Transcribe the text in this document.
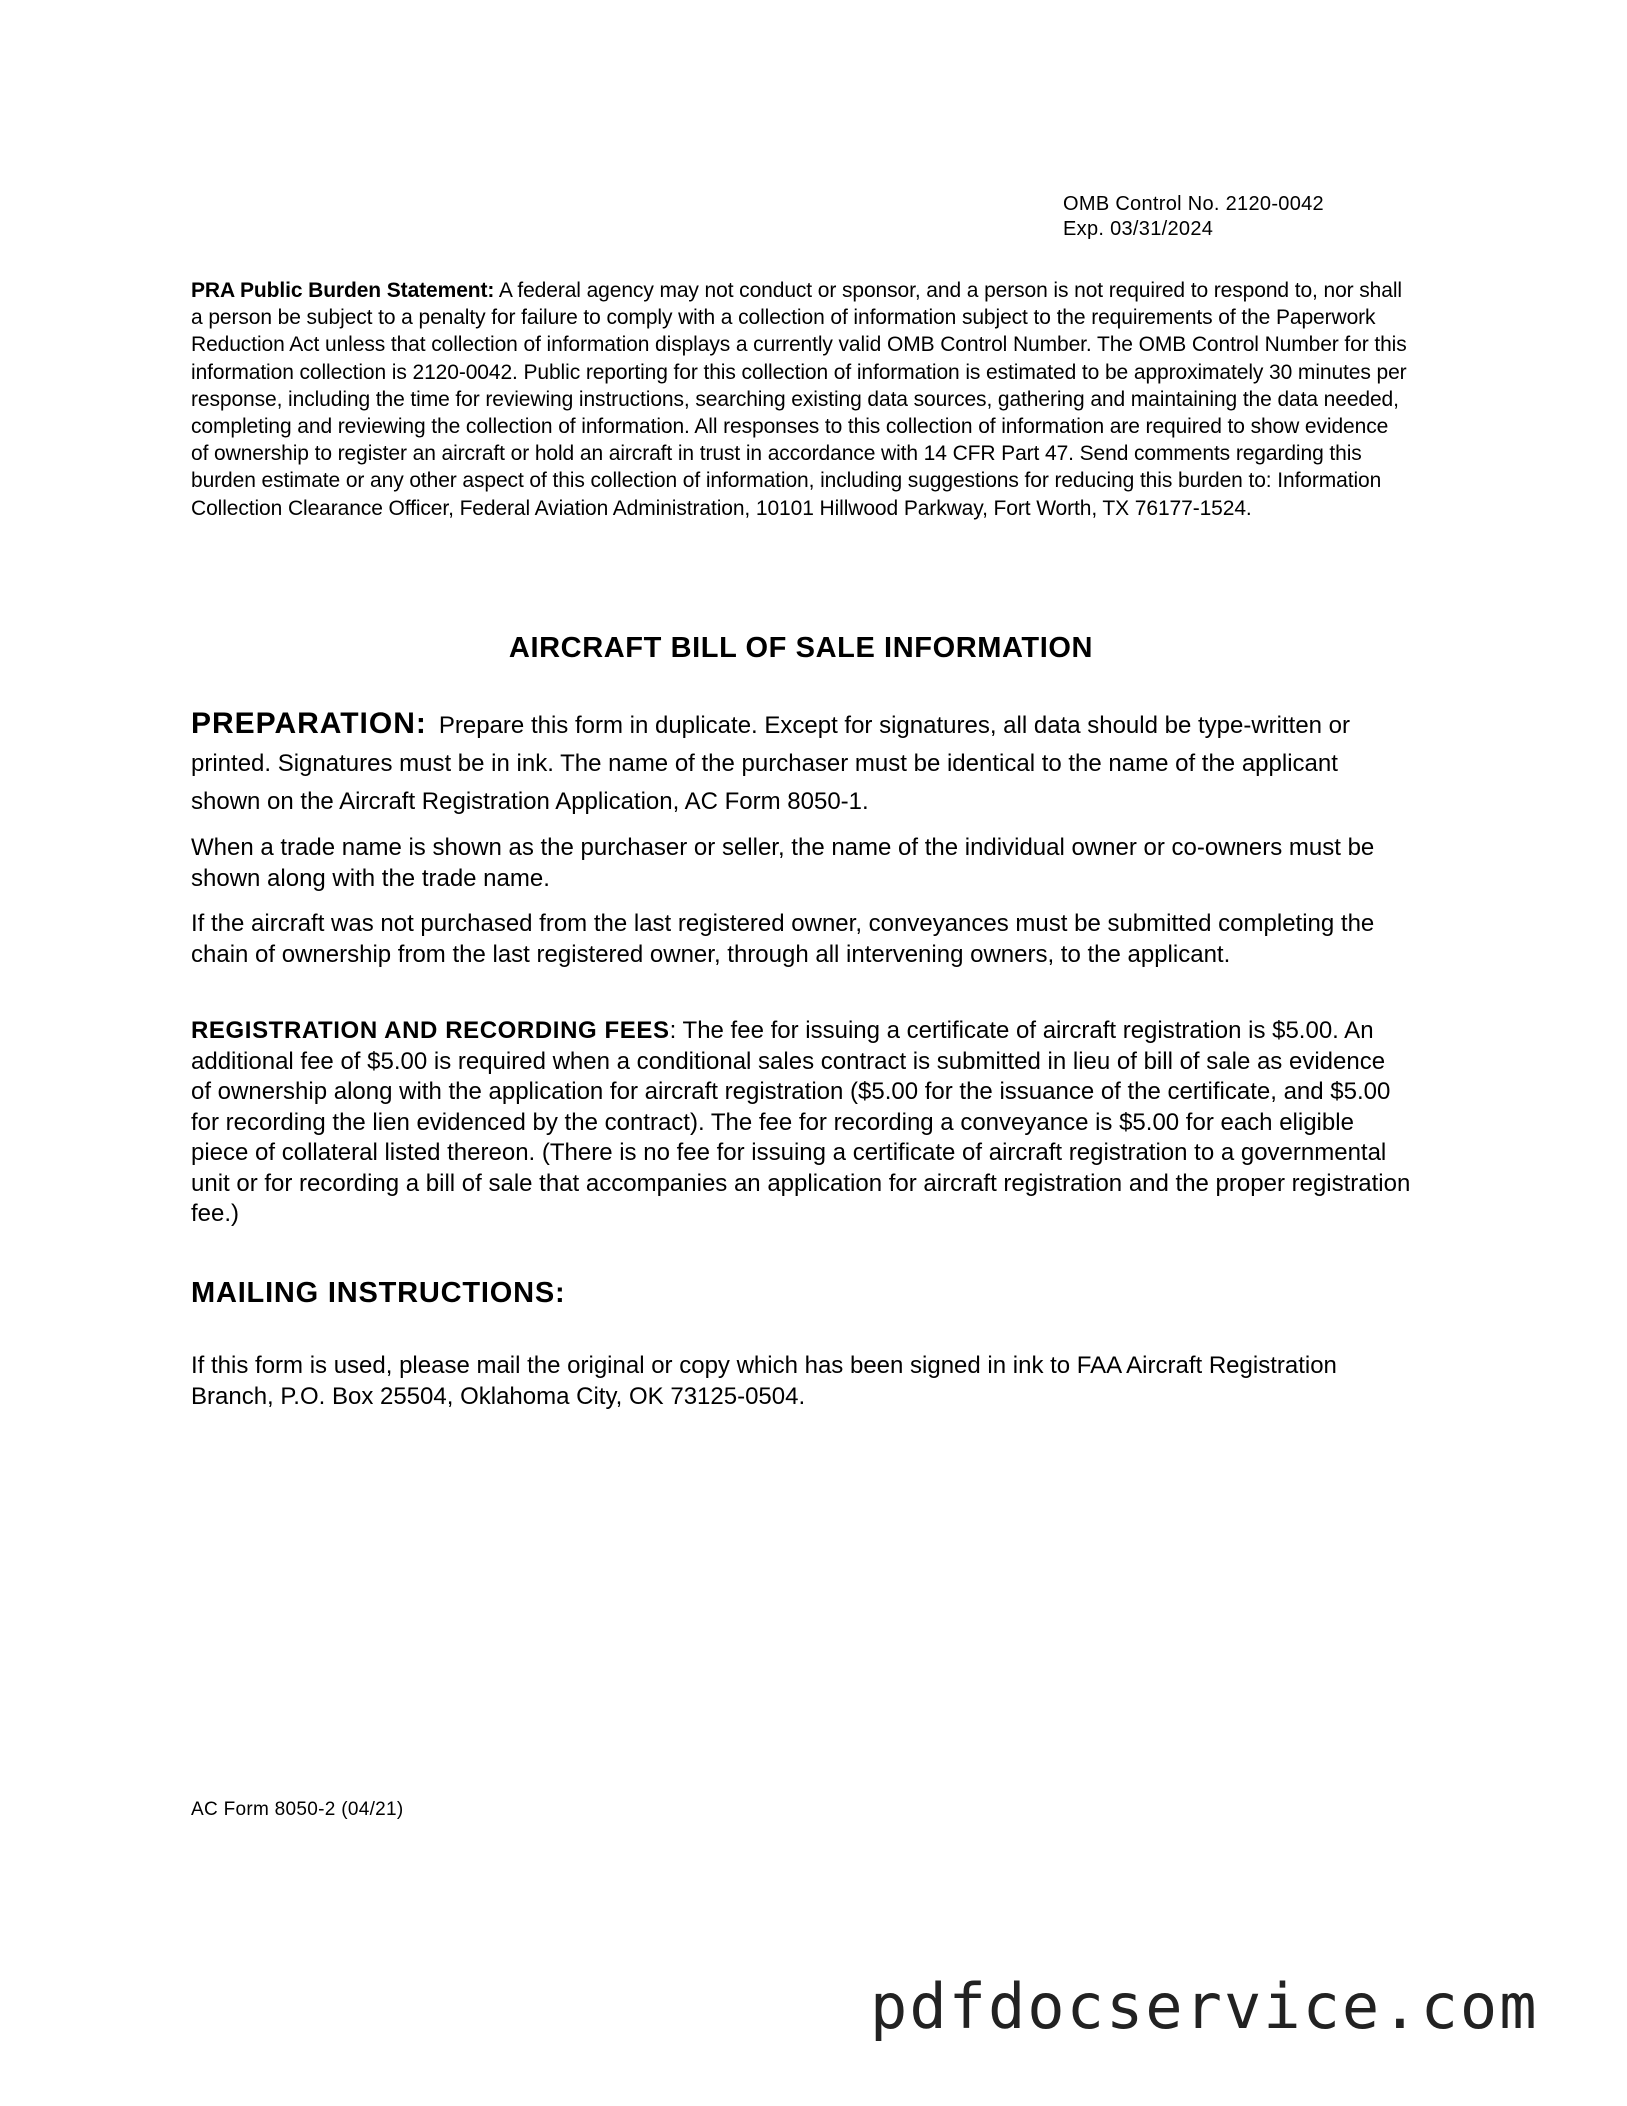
OMB Control No. 2120-0042
Exp. 03/31/2024
PRA Public Burden Statement: A federal agency may not conduct or sponsor, and a person is not required to respond to, nor shall a person be subject to a penalty for failure to comply with a collection of information subject to the requirements of the Paperwork Reduction Act unless that collection of information displays a currently valid OMB Control Number. The OMB Control Number for this information collection is 2120-0042. Public reporting for this collection of information is estimated to be approximately 30 minutes per response, including the time for reviewing instructions, searching existing data sources, gathering and maintaining the data needed, completing and reviewing the collection of information. All responses to this collection of information are required to show evidence of ownership to register an aircraft or hold an aircraft in trust in accordance with 14 CFR Part 47. Send comments regarding this burden estimate or any other aspect of this collection of information, including suggestions for reducing this burden to: Information Collection Clearance Officer, Federal Aviation Administration, 10101 Hillwood Parkway, Fort Worth, TX 76177-1524.
AIRCRAFT BILL OF SALE INFORMATION
PREPARATION: Prepare this form in duplicate. Except for signatures, all data should be type-written or printed. Signatures must be in ink. The name of the purchaser must be identical to the name of the applicant shown on the Aircraft Registration Application, AC Form 8050-1.
When a trade name is shown as the purchaser or seller, the name of the individual owner or co-owners must be shown along with the trade name.
If the aircraft was not purchased from the last registered owner, conveyances must be submitted completing the chain of ownership from the last registered owner, through all intervening owners, to the applicant.
REGISTRATION AND RECORDING FEES: The fee for issuing a certificate of aircraft registration is $5.00. An additional fee of $5.00 is required when a conditional sales contract is submitted in lieu of bill of sale as evidence of ownership along with the application for aircraft registration ($5.00 for the issuance of the certificate, and $5.00 for recording the lien evidenced by the contract). The fee for recording a conveyance is $5.00 for each eligible piece of collateral listed thereon. (There is no fee for issuing a certificate of aircraft registration to a governmental unit or for recording a bill of sale that accompanies an application for aircraft registration and the proper registration fee.)
MAILING INSTRUCTIONS:
If this form is used, please mail the original or copy which has been signed in ink to FAA Aircraft Registration Branch, P.O. Box 25504, Oklahoma City, OK 73125-0504.
AC Form 8050-2 (04/21)
pdfdocservice.com
